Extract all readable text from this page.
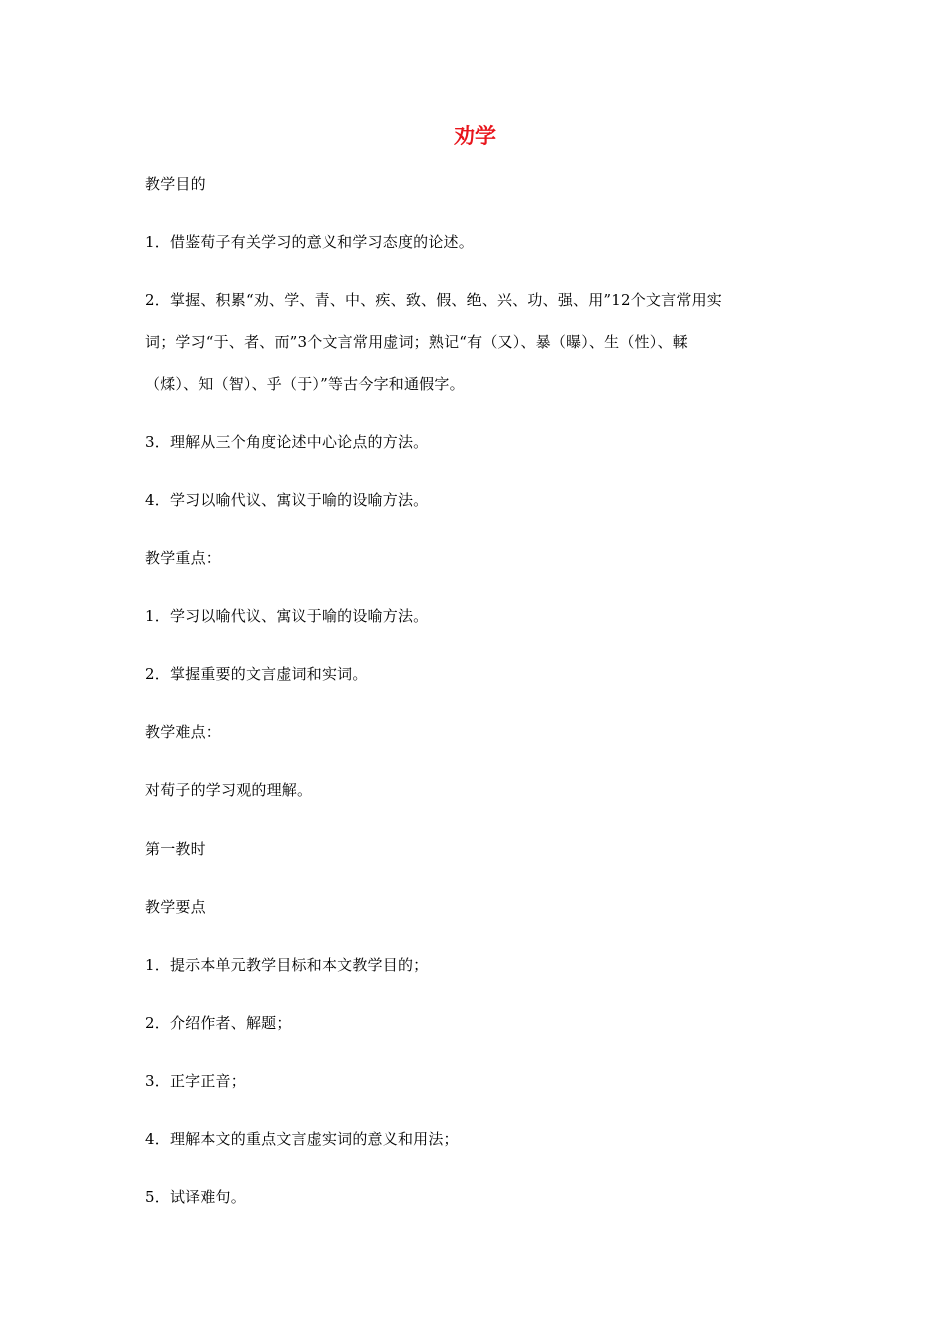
劝学
教学目的
1．借鉴荀子有关学习的意义和学习态度的论述。
2．掌握、积累“劝、学、青、中、疾、致、假、绝、兴、功、强、用”12个文言常用实
词；学习“于、者、而”3个文言常用虚词；熟记“有（又）、暴（曝）、生（性）、輮
（煣）、知（智）、乎（于）”等古今字和通假字。
3．理解从三个角度论述中心论点的方法。
4．学习以喻代议、寓议于喻的设喻方法。
教学重点：
1．学习以喻代议、寓议于喻的设喻方法。
2．掌握重要的文言虚词和实词。
教学难点：
对荀子的学习观的理解。
第一教时
教学要点
1．提示本单元教学目标和本文教学目的；
2．介绍作者、解题；
3．正字正音；
4．理解本文的重点文言虚实词的意义和用法；
5．试译难句。
